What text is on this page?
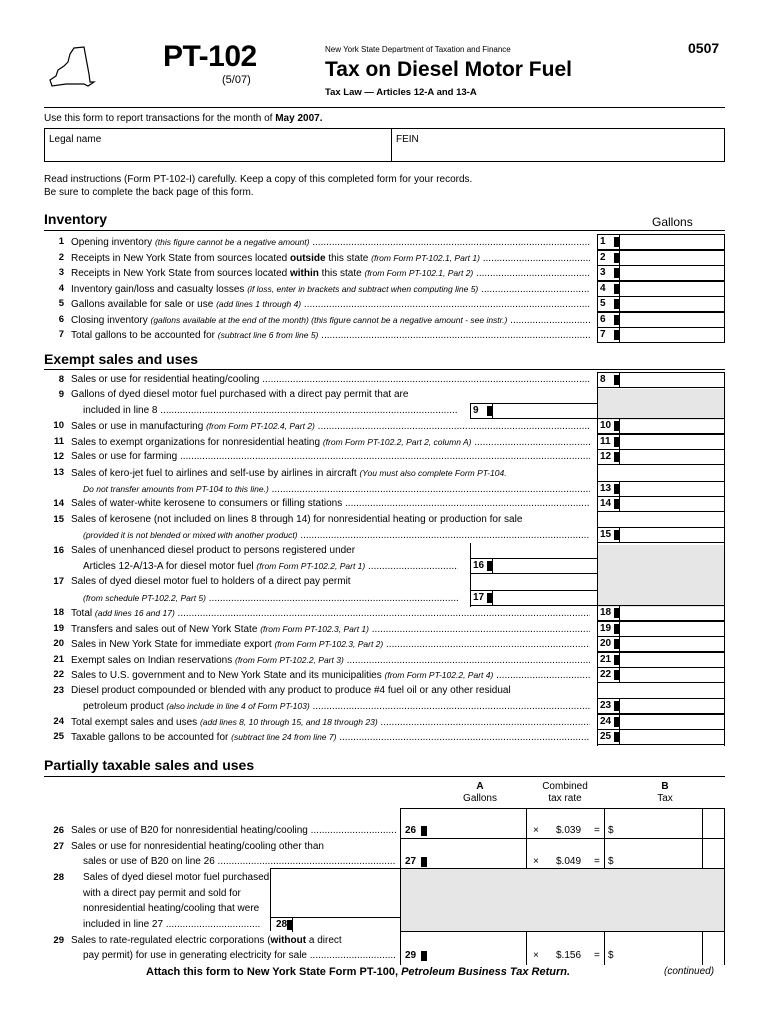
PT-102
(5/07)
New York State Department of Taxation and Finance
Tax on Diesel Motor Fuel
Tax Law — Articles 12-A and 13-A
0507
Use this form to report transactions for the month of May 2007.
Legal name	FEIN
Read instructions (Form PT-102-I) carefully. Keep a copy of this completed form for your records.
Be sure to complete the back page of this form.
Inventory	Gallons
1 Opening inventory (this figure cannot be a negative amount) .....	1
2 Receipts in New York State from sources located outside this state (from Form PT-102.1, Part 1) .....	2
3 Receipts in New York State from sources located within this state (from Form PT-102.1, Part 2) .....	3
4 Inventory gain/loss and casualty losses (if loss, enter in brackets and subtract when computing line 5) .....	4
5 Gallons available for sale or use (add lines 1 through 4) .....	5
6 Closing inventory (gallons available at the end of the month) (this figure cannot be a negative amount - see instr.) .....	6
7 Total gallons to be accounted for (subtract line 6 from line 5) .....	7
Exempt sales and uses
8 Sales or use for residential heating/cooling .....	8
9 Gallons of dyed diesel motor fuel purchased with a direct pay permit that are
included in line 8 .....	9
10 Sales or use in manufacturing (from Form PT-102.4, Part 2) .....	10
11 Sales to exempt organizations for nonresidential heating (from Form PT-102.2, Part 2, column A) .....	11
12 Sales or use for farming .....	12
13 Sales of kero-jet fuel to airlines and self-use by airlines in aircraft (You must also complete Form PT-104.
Do not transfer amounts from PT-104 to this line.) .....	13
14 Sales of water-white kerosene to consumers or filling stations .....	14
15 Sales of kerosene (not included on lines 8 through 14) for nonresidential heating or production for sale
(provided it is not blended or mixed with another product) .....	15
16 Sales of unenhanced diesel product to persons registered under
Articles 12-A/13-A for diesel motor fuel (from Form PT-102.2, Part 1) .....	16
17 Sales of dyed diesel motor fuel to holders of a direct pay permit
(from schedule PT-102.2, Part 5) .....	17
18 Total (add lines 16 and 17) .....	18
19 Transfers and sales out of New York State (from Form PT-102.3, Part 1) .....	19
20 Sales in New York State for immediate export (from Form PT-102.3, Part 2) .....	20
21 Exempt sales on Indian reservations (from Form PT-102.2, Part 3) .....	21
22 Sales to U.S. government and to New York State and its municipalities (from Form PT-102.2, Part 4) .....	22
23 Diesel product compounded or blended with any product to produce #4 fuel oil or any other residual
petroleum product (also include in line 4 of Form PT-103) .....	23
24 Total exempt sales and uses (add lines 8, 10 through 15, and 18 through 23) .....	24
25 Taxable gallons to be accounted for (subtract line 24 from line 7) .....	25
Partially taxable sales and uses
A
Gallons
Combined
tax rate
B
Tax
26 Sales or use of B20 for nonresidential heating/cooling .....	26	× $.039 = $
27 Sales or use for nonresidential heating/cooling other than
sales or use of B20 on line 26 .....	27	× $.049 = $
28 Sales of dyed diesel motor fuel purchased
with a direct pay permit and sold for
nonresidential heating/cooling that were
included in line 27 .....	28
29 Sales to rate-regulated electric corporations (without a direct
pay permit) for use in generating electricity for sale .....	29	× $.156 = $
Attach this form to New York State Form PT-100, Petroleum Business Tax Return.	(continued)
